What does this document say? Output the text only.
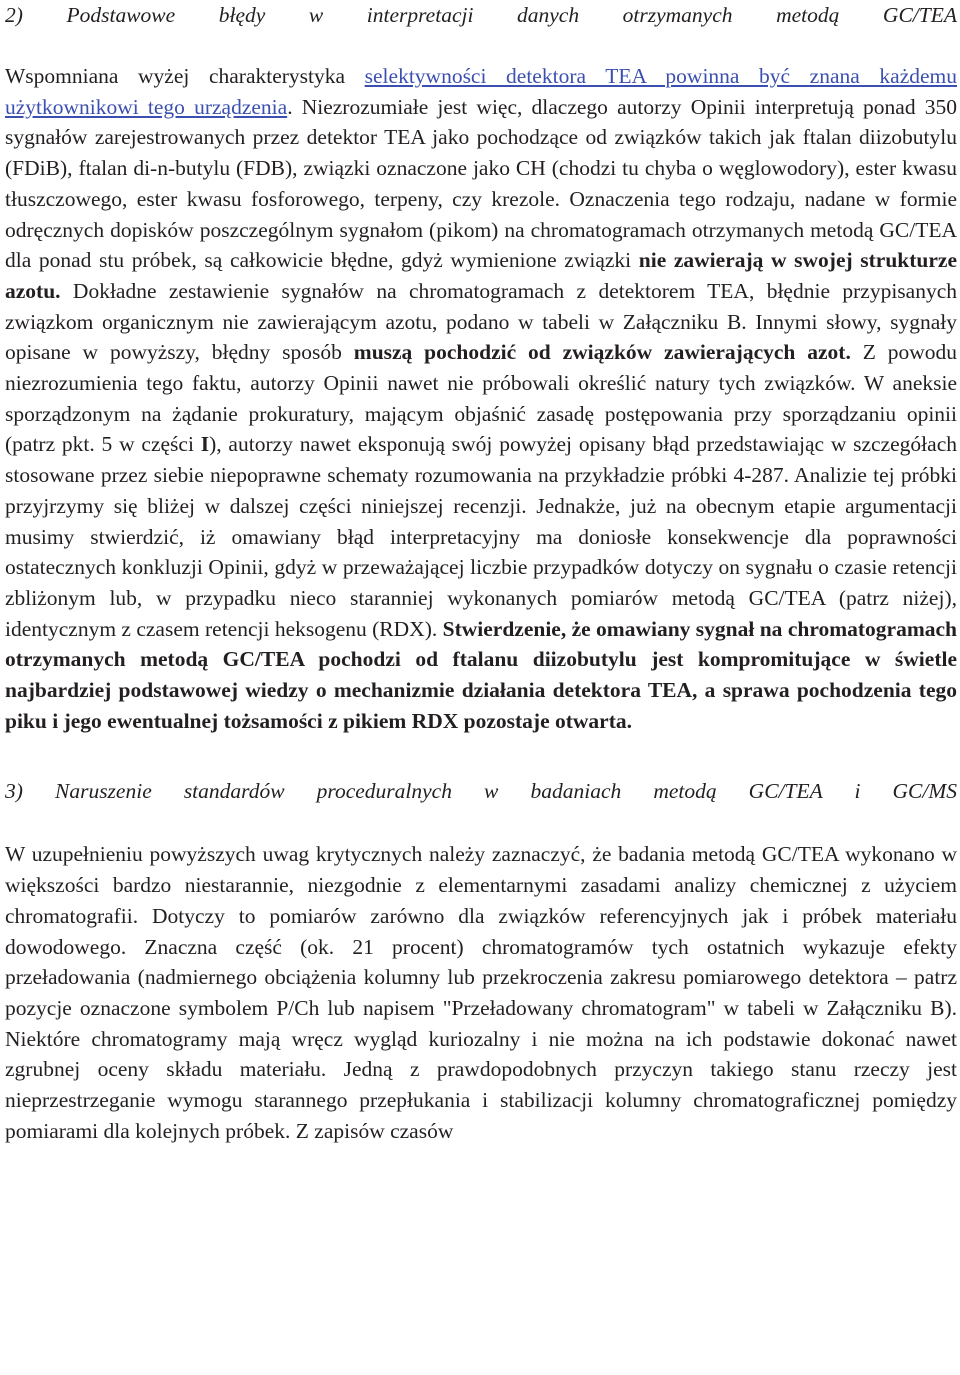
2) Podstawowe błędy w interpretacji danych otrzymanych metodą GC/TEA

Wspomniana wyżej charakterystyka selektywności detektora TEA powinna być znana każdemu użytkownikowi tego urządzenia. Niezrozumiałe jest więc, dlaczego autorzy Opinii interpretują ponad 350 sygnałów zarejestrowanych przez detektor TEA jako pochodzące od związków takich jak ftalan diizobutylu (FDiB), ftalan di-n-butylu (FDB), związki oznaczone jako CH (chodzi tu chyba o węglowodory), ester kwasu tłuszczowego, ester kwasu fosforowego, terpeny, czy krezole. Oznaczenia tego rodzaju, nadane w formie odręcznych dopisków poszczególnym sygnałom (pikom) na chromatogramach otrzymanych metodą GC/TEA dla ponad stu próbek, są całkowicie błędne, gdyż wymienione związki nie zawierają w swojej strukturze azotu. Dokładne zestawienie sygnałów na chromatogramach z detektorem TEA, błędnie przypisanych związkom organicznym nie zawierającym azotu, podano w tabeli w Załączniku B. Innymi słowy, sygnały opisane w powyższy, błędny sposób muszą pochodzić od związków zawierających azot. Z powodu niezrozumienia tego faktu, autorzy Opinii nawet nie próbowali określić natury tych związków. W aneksie sporządzonym na żądanie prokuratury, mającym objaśnić zasadę postępowania przy sporządzaniu opinii (patrz pkt. 5 w części I), autorzy nawet eksponują swój powyżej opisany błąd przedstawiając w szczegółach stosowane przez siebie niepoprawne schematy rozumowania na przykładzie próbki 4-287. Analizie tej próbki przyjrzymy się bliżej w dalszej części niniejszej recenzji. Jednakże, już na obecnym etapie argumentacji musimy stwierdzić, iż omawiany błąd interpretacyjny ma doniosłe konsekwencje dla poprawności ostatecznych konkluzji Opinii, gdyż w przeważającej liczbie przypadków dotyczy on sygnału o czasie retencji zbliżonym lub, w przypadku nieco staranniej wykonanych pomiarów metodą GC/TEA (patrz niżej), identycznym z czasem retencji heksogenu (RDX). Stwierdzenie, że omawiany sygnał na chromatogramach otrzymanych metodą GC/TEA pochodzi od ftalanu diizobutylu jest kompromitujące w świetle najbardziej podstawowej wiedzy o mechanizmie działania detektora TEA, a sprawa pochodzenia tego piku i jego ewentualnej tożsamości z pikiem RDX pozostaje otwarta.

3) Naruszenie standardów proceduralnych w badaniach metodą GC/TEA i GC/MS

W uzupełnieniu powyższych uwag krytycznych należy zaznaczyć, że badania metodą GC/TEA wykonano w większości bardzo niestarannie, niezgodnie z elementarnymi zasadami analizy chemicznej z użyciem chromatografii. Dotyczy to pomiarów zarówno dla związków referencyjnych jak i próbek materiału dowodowego. Znaczna część (ok. 21 procent) chromatogramów tych ostatnich wykazuje efekty przeładowania (nadmiernego obciążenia kolumny lub przekroczenia zakresu pomiarowego detektora – patrz pozycje oznaczone symbolem P/Ch lub napisem "Przeładowany chromatogram" w tabeli w Załączniku B). Niektóre chromatogramy mają wręcz wygląd kuriozalny i nie można na ich podstawie dokonać nawet zgrubnej oceny składu materiału. Jedną z prawdopodobnych przyczyn takiego stanu rzeczy jest nieprzestrzeganie wymogu starannego przepłukania i stabilizacji kolumny chromatograficznej pomiędzy pomiarami dla kolejnych próbek. Z zapisów czasów
